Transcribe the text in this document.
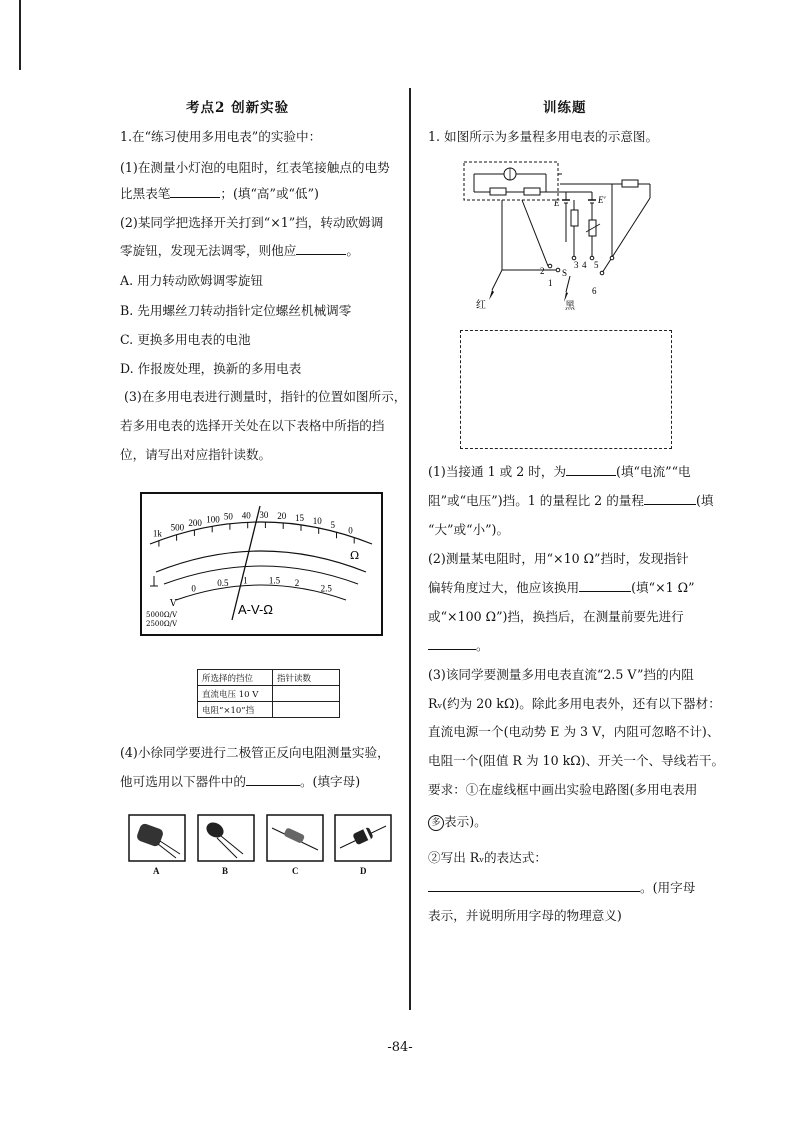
考点2 创新实验
1.在“练习使用多用电表”的实验中：
(1)在测量小灯泡的电阻时，红表笔接触点的电势
比黑表笔	；(填“高”或“低”)
(2)某同学把选择开关打到“×1”挡，转动欧姆调
零旋钮，发现无法调零，则他应	。
A. 用力转动欧姆调零旋钮
B. 先用螺丝刀转动指针定位螺丝机械调零
C. 更换多用电表的电池
D. 作报废处理，换新的多用电表
(3)在多用电表进行测量时，指针的位置如图所示，
若多用电表的选择开关处在以下表格中所指的挡
位，请写出对应指针读数。
1k
500 200 100 50 40 30 20 15 10 5
0
0
0.5 1 1.5 2
2.5
Ω
V	A-V-Ω
5000Ω/V
2500Ω/V
所选择的挡位	指针读数
直流电压 10 V	
电阻“×10”挡	
(4)小徐同学要进行二极管正反向电阻测量实验，
他可选用以下器件中的	。(填字母)
A	B	C	D
训练题
1. 如图所示为多量程多用电表的示意图。
E	E′
1
2
3 4
S
5
6
红	黑
(1)当接通 1 或 2 时，为	(填“电流”“电
阻”或“电压”)挡。1 的量程比 2 的量程	(填
“大”或“小”)。
(2)测量某电阻时，用“×10 Ω”挡时，发现指针
偏转角度过大，他应该换用	(填“×1 Ω”
或“×100 Ω”)挡，换挡后，在测量前要先进行
。
(3)该同学要测量多用电表直流“2.5 V”挡的内阻
Rᵥ(约为 20 kΩ)。除此多用电表外，还有以下器材：
直流电源一个(电动势 E 为 3 V，内阻可忽略不计)、
电阻一个(阻值 R 为 10 kΩ)、开关一个、导线若干。
要求：①在虚线框中画出实验电路图(多用电表用
多 表示)。
②写出 Rᵥ的表达式：
。(用字母
表示，并说明所用字母的物理意义)
-84-
